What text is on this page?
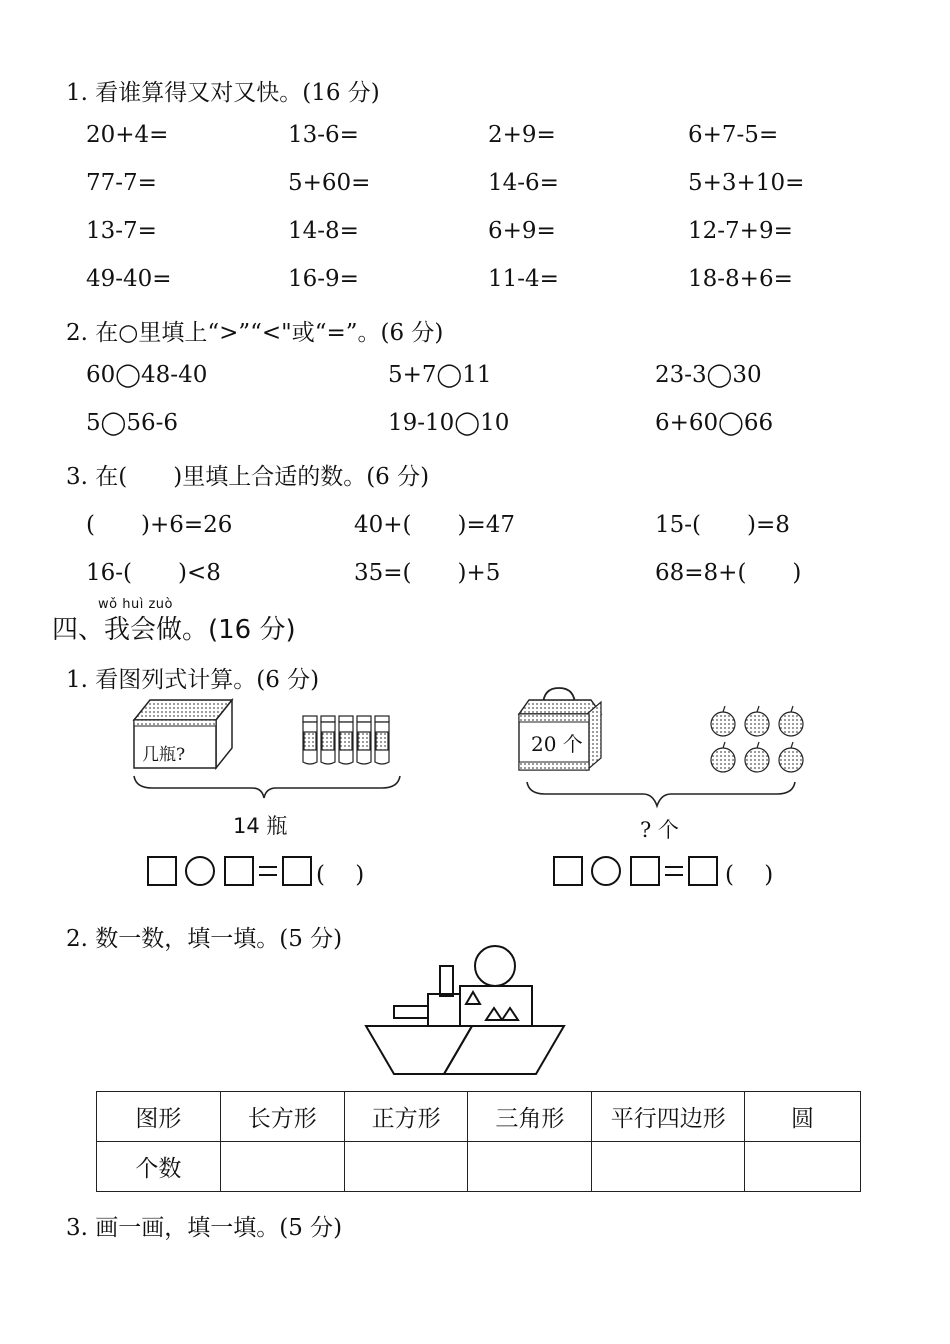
1. 看谁算得又对又快。(16 分)
20+4=	13-6=	2+9=	6+7-5=
77-7=	5+60=	14-6=	5+3+10=
13-7=	14-8=	6+9=	12-7+9=
49-40=	16-9=	11-4=	18-8+6=
2. 在○里填上“>”“<"或“=”。(6 分)
60◯48-40	5+7◯11	23-3◯30
5◯56-6	19-10◯10	6+60◯66
3. 在(　　)里填上合适的数。(6 分)
(　　)+6=26	40+(　　)=47	15-(　　)=8
16-(　　)<8	35=(　　)+5	68=8+(　　)
wǒ huì zuò
四、我会做。(16 分)
1. 看图列式计算。(6 分)
几瓶?
14 瓶
(　 )
20 个
? 个
(　 )
2. 数一数，填一填。(5 分)
图形	长方形	正方形	三角形	平行四边形	圆
个数					
3. 画一画，填一填。(5 分)
